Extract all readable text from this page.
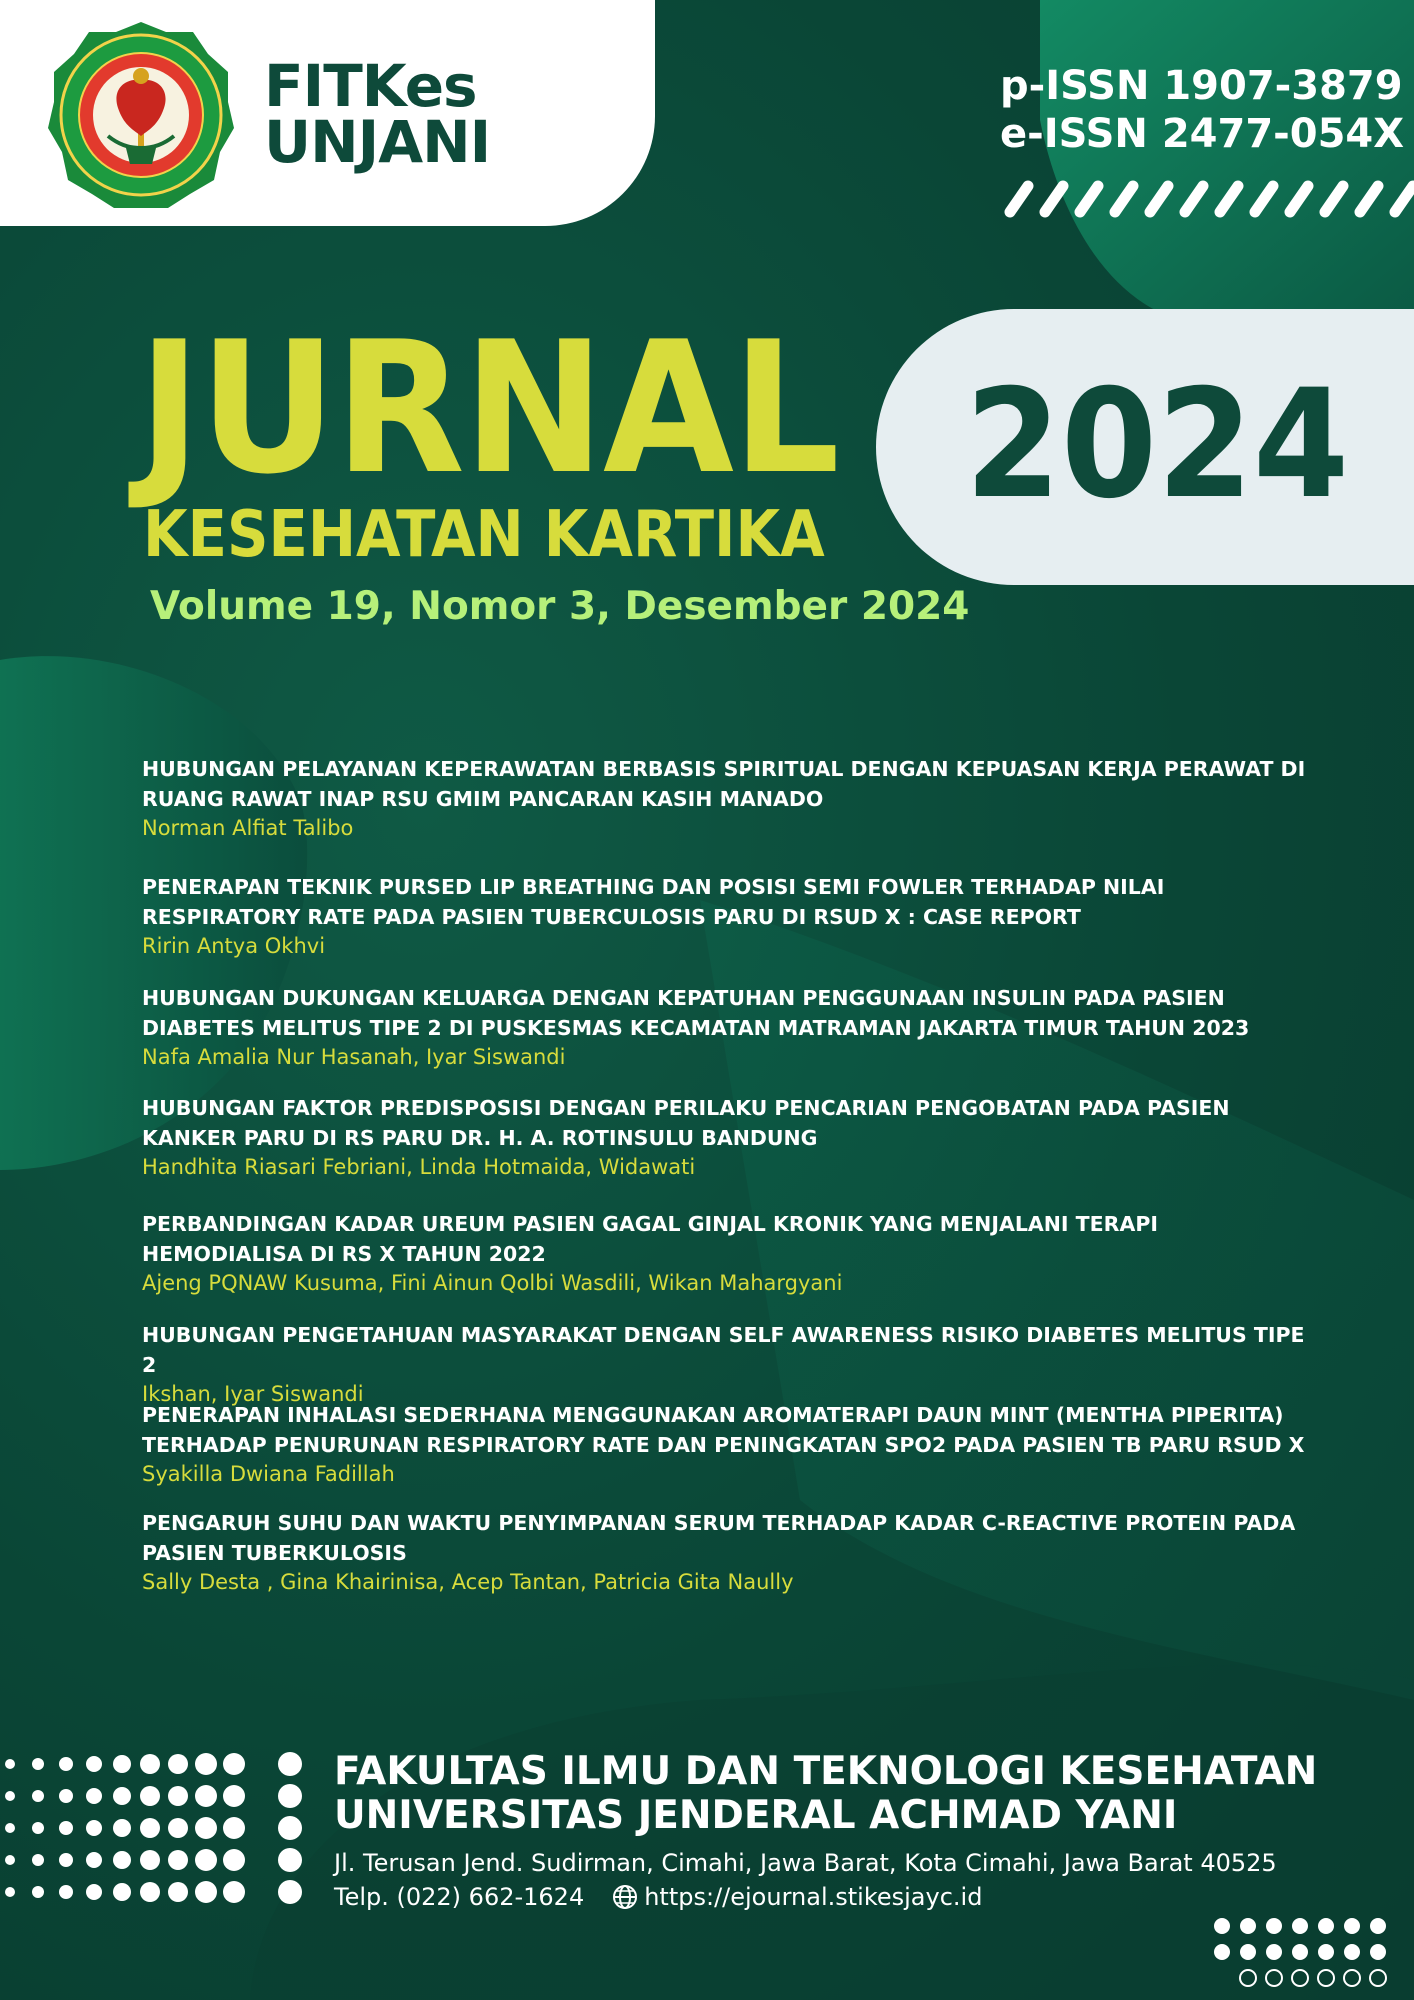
FITKes
UNJANI
p-ISSN 1907-3879
e-ISSN 2477-054X
2024
JURNAL
KESEHATAN KARTIKA
Volume 19, Nomor 3, Desember 2024
HUBUNGAN PELAYANAN KEPERAWATAN BERBASIS SPIRITUAL DENGAN KEPUASAN KERJA PERAWAT DI RUANG RAWAT INAP RSU GMIM PANCARAN KASIH MANADO
Norman Alfiat Talibo
PENERAPAN TEKNIK PURSED LIP BREATHING DAN POSISI SEMI FOWLER TERHADAP NILAI RESPIRATORY RATE PADA PASIEN TUBERCULOSIS PARU DI RSUD X : CASE REPORT
Ririn Antya Okhvi
HUBUNGAN DUKUNGAN KELUARGA DENGAN KEPATUHAN PENGGUNAAN INSULIN PADA PASIEN DIABETES MELITUS TIPE 2 DI PUSKESMAS KECAMATAN MATRAMAN JAKARTA TIMUR TAHUN 2023
Nafa Amalia Nur Hasanah, Iyar Siswandi
HUBUNGAN FAKTOR PREDISPOSISI DENGAN PERILAKU PENCARIAN PENGOBATAN PADA PASIEN KANKER PARU DI RS PARU DR. H. A. ROTINSULU BANDUNG
Handhita Riasari Febriani, Linda Hotmaida, Widawati
PERBANDINGAN KADAR UREUM PASIEN GAGAL GINJAL KRONIK YANG MENJALANI TERAPI HEMODIALISA DI RS X TAHUN 2022
Ajeng PQNAW Kusuma, Fini Ainun Qolbi Wasdili, Wikan Mahargyani
HUBUNGAN PENGETAHUAN MASYARAKAT DENGAN SELF AWARENESS RISIKO DIABETES MELITUS TIPE 2
Ikshan, Iyar Siswandi
PENERAPAN INHALASI SEDERHANA MENGGUNAKAN AROMATERAPI DAUN MINT (MENTHA PIPERITA) TERHADAP PENURUNAN RESPIRATORY RATE DAN PENINGKATAN SPO2 PADA PASIEN TB PARU RSUD X
Syakilla Dwiana Fadillah
PENGARUH SUHU DAN WAKTU PENYIMPANAN SERUM TERHADAP KADAR C-REACTIVE PROTEIN PADA PASIEN TUBERKULOSIS
Sally Desta , Gina Khairinisa, Acep Tantan, Patricia Gita Naully
FAKULTAS ILMU DAN TEKNOLOGI KESEHATAN
UNIVERSITAS JENDERAL ACHMAD YANI
Jl. Terusan Jend. Sudirman, Cimahi, Jawa Barat, Kota Cimahi, Jawa Barat 40525
Telp. (022) 662-1624	https://ejournal.stikesjayc.id
